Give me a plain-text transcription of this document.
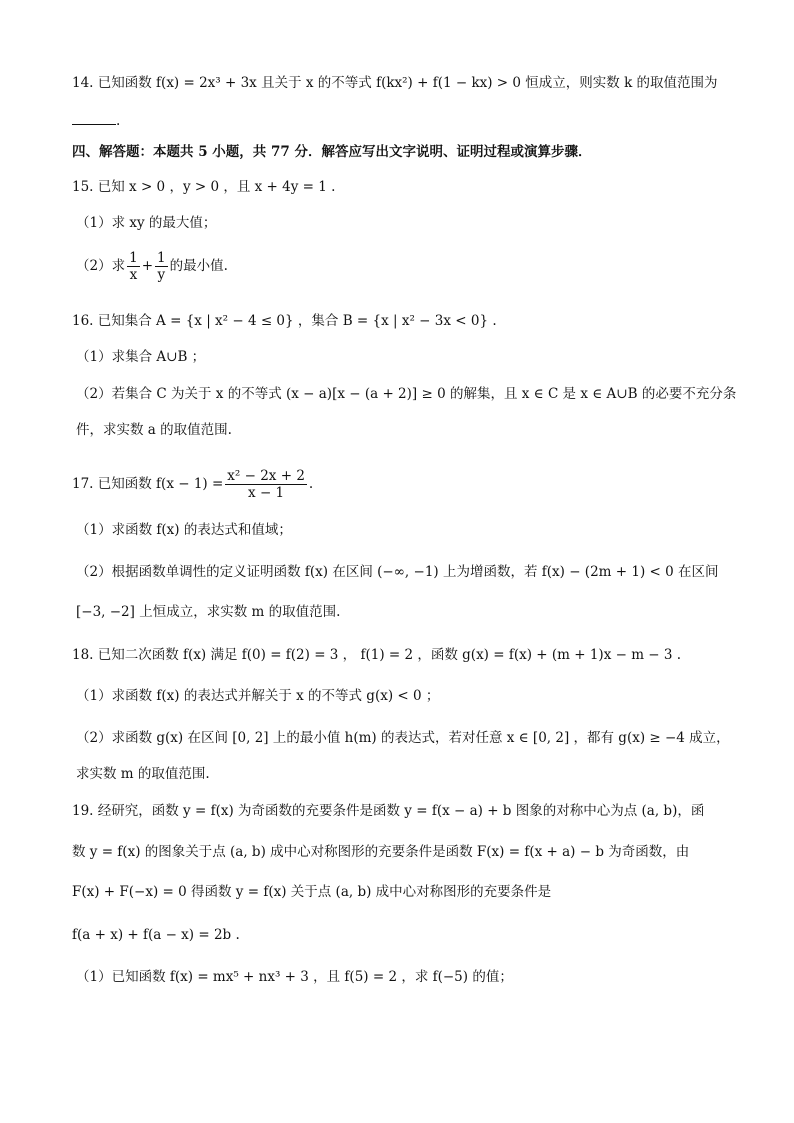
14. 已知函数 f(x) = 2x³ + 3x 且关于 x 的不等式 f(kx²) + f(1 − kx) > 0 恒成立，则实数 k 的取值范围为
.
四、解答题：本题共 5 小题，共 77 分．解答应写出文字说明、证明过程或演算步骤．
15. 已知 x > 0 ，y > 0 ，且 x + 4y = 1 .
（1）求 xy 的最大值；
（2）求 $\frac{1}{x} + \frac{1}{y}$ 的最小值.
16. 已知集合 A = {x | x² − 4 ≤ 0} ，集合 B = {x | x² − 3x < 0} .
（1）求集合 A∪B ；
（2）若集合 C 为关于 x 的不等式 (x − a)[x − (a + 2)] ≥ 0 的解集，且 x ∈ C 是 x ∈ A∪B 的必要不充分条
件，求实数 a 的取值范围.
17. 已知函数 $f(x - 1) = \frac{\text{x² − 2x + 2}}{x - 1}$ .
（1）求函数 f(x) 的表达式和值域；
（2）根据函数单调性的定义证明函数 f(x) 在区间 (−∞, −1) 上为增函数，若 f(x) − (2m + 1) < 0 在区间
[−3, −2] 上恒成立，求实数 m 的取值范围.
18. 已知二次函数 f(x) 满足 f(0) = f(2) = 3 ， f(1) = 2 ，函数 g(x) = f(x) + (m + 1)x − m − 3 .
（1）求函数 f(x) 的表达式并解关于 x 的不等式 g(x) < 0 ；
（2）求函数 g(x) 在区间 [0, 2] 上的最小值 h(m) 的表达式，若对任意 x ∈ [0, 2] ，都有 g(x) ≥ −4 成立，
求实数 m 的取值范围.
19. 经研究，函数 y = f(x) 为奇函数的充要条件是函数 y = f(x − a) + b 图象的对称中心为点 (a, b)，函
数 y = f(x) 的图象关于点 (a, b) 成中心对称图形的充要条件是函数 F(x) = f(x + a) − b 为奇函数，由
F(x) + F(−x) = 0 得函数 y = f(x) 关于点 (a, b) 成中心对称图形的充要条件是
f(a + x) + f(a − x) = 2b .
（1）已知函数 f(x) = mx⁵ + nx³ + 3 ，且 f(5) = 2 ，求 f(−5) 的值；
